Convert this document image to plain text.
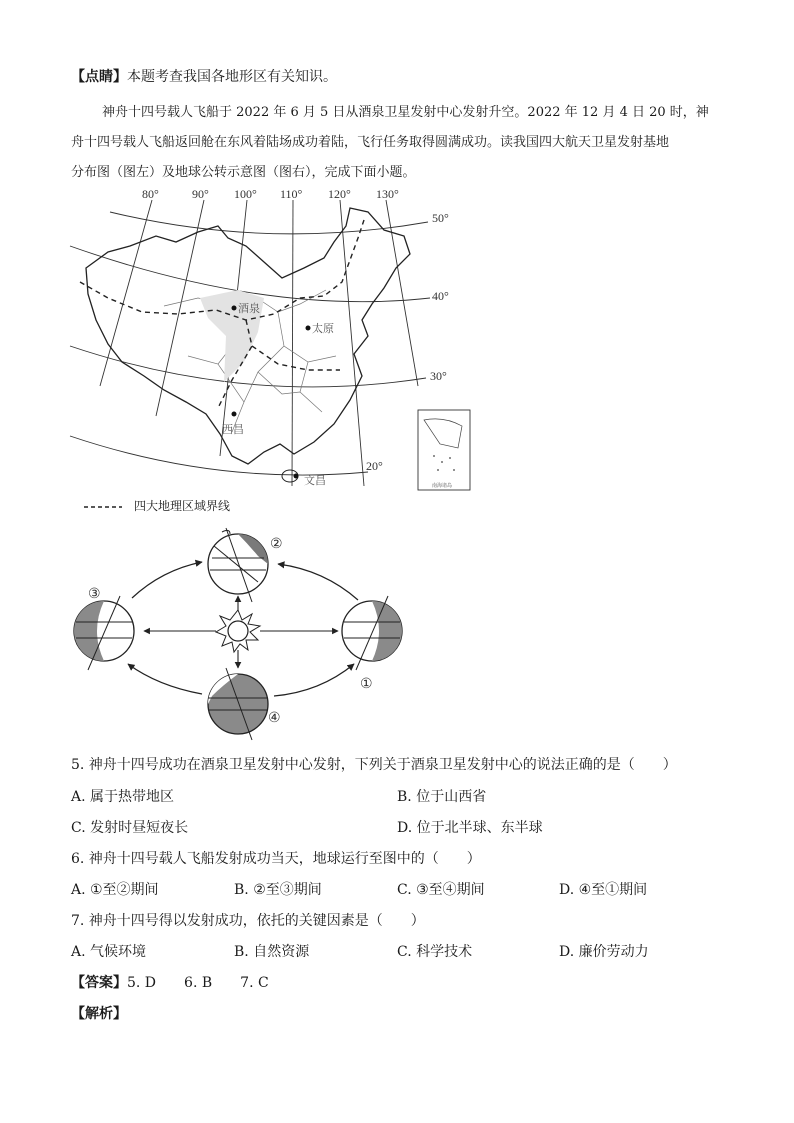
【点睛】本题考查我国各地形区有关知识。
神舟十四号载人飞船于 2022 年 6 月 5 日从酒泉卫星发射中心发射升空。2022 年 12 月 4 日 20 时，神
舟十四号载人飞船返回舱在东风着陆场成功着陆，飞行任务取得圆满成功。读我国四大航天卫星发射基地
分布图（图左）及地球公转示意图（图右），完成下面小题。
80°	90° 100° 110° 120° 130°
50°
40°
30°
20°
酒泉
太原
西昌
文昌	南海诸岛
四大地理区域界线
②
③
①
④
5. 神舟十四号成功在酒泉卫星发射中心发射，下列关于酒泉卫星发射中心的说法正确的是（　　）
A. 属于热带地区	B. 位于山西省
C. 发射时昼短夜长	D. 位于北半球、东半球
6. 神舟十四号载人飞船发射成功当天，地球运行至图中的（　　）
A. ①至②期间	B. ②至③期间	C. ③至④期间	D. ④至①期间
7. 神舟十四号得以发射成功，依托的关键因素是（　　）
A. 气候环境	B. 自然资源	C. 科学技术	D. 廉价劳动力
【答案】5. D 6. B 7. C
【解析】
